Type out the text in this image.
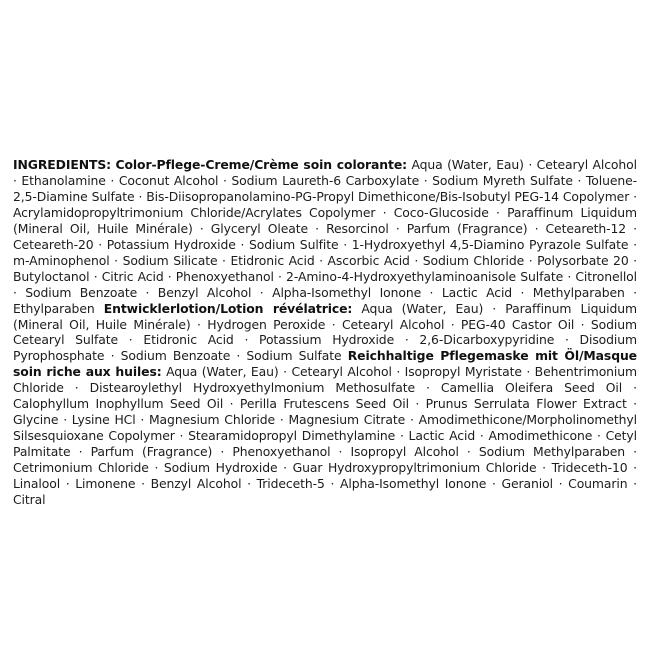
INGREDIENTS: Color-Pflege-Creme/Crème soin colorante: Aqua (Water, Eau) · Cetearyl Alcohol · Ethanolamine · Coconut Alcohol · Sodium Laureth-6 Carboxylate · Sodium Myreth Sulfate · Toluene-2,5-Diamine Sulfate · Bis-Diisopropanolamino-PG-Propyl Dimethicone/Bis-Isobutyl PEG-14 Copolymer · Acrylamidopropyltrimonium Chloride/Acrylates Copolymer · Coco-Glucoside · Paraffinum Liquidum (Mineral Oil, Huile Minérale) · Glyceryl Oleate · Resorcinol · Parfum (Fragrance) · Ceteareth-12 · Ceteareth-20 · Potassium Hydroxide · Sodium Sulfite · 1-Hydroxyethyl 4,5-Diamino Pyrazole Sulfate · m-Aminophenol · Sodium Silicate · Etidronic Acid · Ascorbic Acid · Sodium Chloride · Polysorbate 20 · Butyloctanol · Citric Acid · Phenoxyethanol · 2-Amino-4-Hydroxyethylaminoanisole Sulfate · Citronellol · Sodium Benzoate · Benzyl Alcohol · Alpha-Isomethyl Ionone · Lactic Acid · Methylparaben · Ethylparaben Entwicklerlotion/Lotion révélatrice: Aqua (Water, Eau) · Paraffinum Liquidum (Mineral Oil, Huile Minérale) · Hydrogen Peroxide · Cetearyl Alcohol · PEG-40 Castor Oil · Sodium Cetearyl Sulfate · Etidronic Acid · Potassium Hydroxide · 2,6-Dicarboxypyridine · Disodium Pyrophosphate · Sodium Benzoate · Sodium Sulfate Reichhaltige Pflegemaske mit Öl/Masque soin riche aux huiles: Aqua (Water, Eau) · Cetearyl Alcohol · Isopropyl Myristate · Behentrimonium Chloride · Distearoylethyl Hydroxyethylmonium Methosulfate · Camellia Oleifera Seed Oil · Calophyllum Inophyllum Seed Oil · Perilla Frutescens Seed Oil · Prunus Serrulata Flower Extract · Glycine · Lysine HCl · Magnesium Chloride · Magnesium Citrate · Amodimethicone/Morpholinomethyl Silsesquioxane Copolymer · Stearamidopropyl Dimethylamine · Lactic Acid · Amodimethicone · Cetyl Palmitate · Parfum (Fragrance) · Phenoxyethanol · Isopropyl Alcohol · Sodium Methylparaben · Cetrimonium Chloride · Sodium Hydroxide · Guar Hydroxypropyltrimonium Chloride · Trideceth-10 · Linalool · Limonene · Benzyl Alcohol · Trideceth-5 · Alpha-Isomethyl Ionone · Geraniol · Coumarin · Citral
